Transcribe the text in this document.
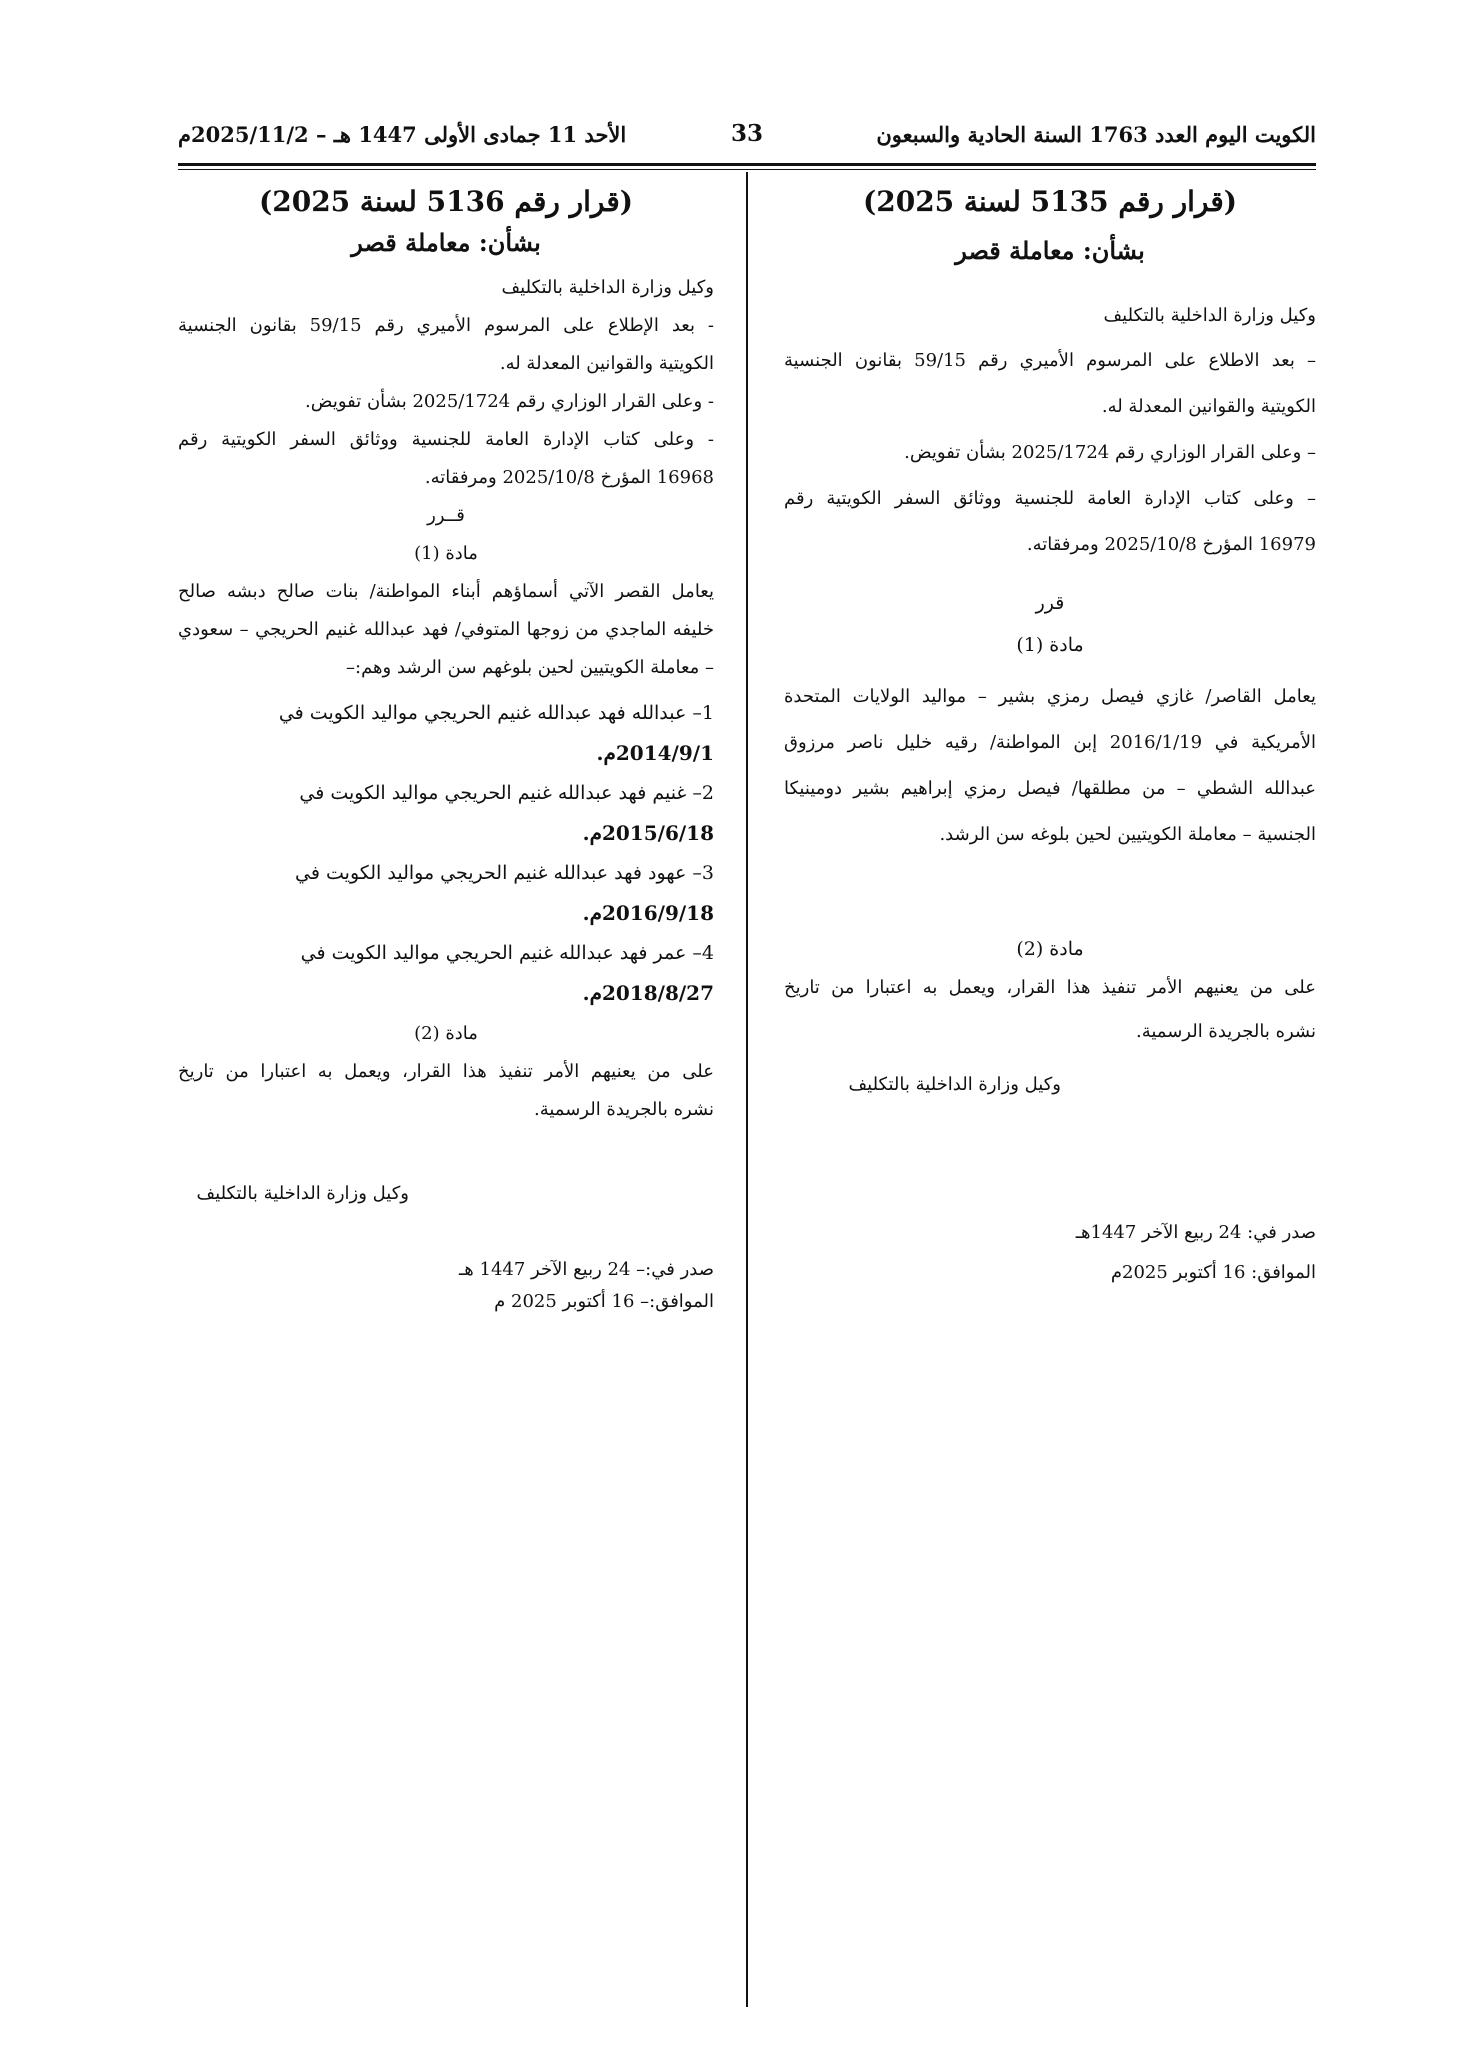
الكويت اليوم العدد 1763 السنة الحادية والسبعون
33
الأحد 11 جمادى الأولى 1447 هـ – 2025/11/2م
(قرار رقم 5135 لسنة 2025)
بشأن: معاملة قصر

وكيل وزارة الداخلية بالتكليف

– بعد الاطلاع على المرسوم الأميري رقم 59/15 بقانون الجنسية

الكويتية والقوانين المعدلة له.

– وعلى القرار الوزاري رقم 2025/1724 بشأن تفويض.

– وعلى كتاب الإدارة العامة للجنسية ووثائق السفر الكويتية رقم

16979 المؤرخ 2025/10/8 ومرفقاته.

قرر

مادة (1)

يعامل القاصر/ غازي فيصل رمزي بشير – مواليد الولايات المتحدة

الأمريكية في 2016/1/19 إبن المواطنة/ رقيه خليل ناصر مرزوق

عبدالله الشطي – من مطلقها/ فيصل رمزي إبراهيم بشير دومينيكا

الجنسية – معاملة الكويتيين لحين بلوغه سن الرشد.

مادة (2)

على من يعنيهم الأمر تنفيذ هذا القرار، ويعمل به اعتبارا من تاريخ

نشره بالجريدة الرسمية.

وكيل وزارة الداخلية بالتكليف

صدر في: 24 ربيع الآخر 1447هـ

الموافق: 16 أكتوبر 2025م

(قرار رقم 5136 لسنة 2025)
بشأن: معاملة قصر

وكيل وزارة الداخلية بالتكليف

- بعد الإطلاع على المرسوم الأميري رقم 59/15 بقانون الجنسية

الكويتية والقوانين المعدلة له.

- وعلى القرار الوزاري رقم 2025/1724 بشأن تفويض.

- وعلى كتاب الإدارة العامة للجنسية ووثائق السفر الكويتية رقم

16968 المؤرخ 2025/10/8 ومرفقاته.

قــرر

مادة (1)

يعامل القصر الآتي أسماؤهم أبناء المواطنة/ بنات صالح دبشه صالح

خليفه الماجدي من زوجها المتوفي/ فهد عبدالله غنيم الحريجي – سعودي

– معاملة الكويتيين لحين بلوغهم سن الرشد وهم:–

1– عبدالله فهد عبدالله غنيم الحريجي مواليد الكويت في

2014/9/1م.

2– غنيم فهد عبدالله غنيم الحريجي مواليد الكويت في

2015/6/18م.

3– عهود فهد عبدالله غنيم الحريجي مواليد الكويت في

2016/9/18م.

4– عمر فهد عبدالله غنيم الحريجي مواليد الكويت في

2018/8/27م.

مادة (2)

على من يعنيهم الأمر تنفيذ هذا القرار، ويعمل به اعتبارا من تاريخ

نشره بالجريدة الرسمية.

وكيل وزارة الداخلية بالتكليف

صدر في:– 24 ربيع الآخر 1447 هـ

الموافق:– 16 أكتوبر 2025 م
